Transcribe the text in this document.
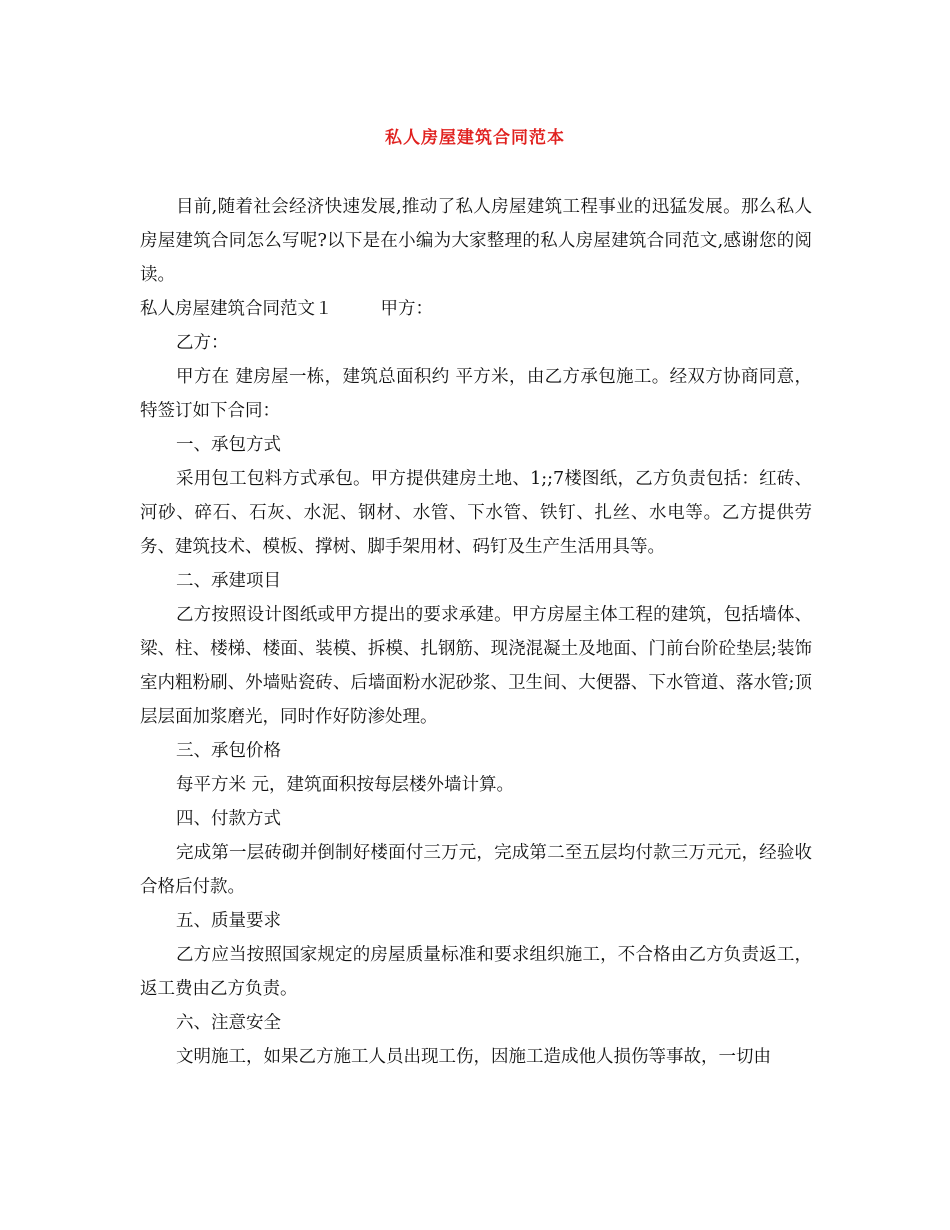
私人房屋建筑合同范本

目前,随着社会经济快速发展,推动了私人房屋建筑工程事业的迅猛发展。那么私人房屋建筑合同怎么写呢?以下是在小编为大家整理的私人房屋建筑合同范文,感谢您的阅读。

私人房屋建筑合同范文１	甲方：

乙方：

甲方在 建房屋一栋，建筑总面积约 平方米，由乙方承包施工。经双方协商同意，特签订如下合同：

一、承包方式

采用包工包料方式承包。甲方提供建房土地、1;;7楼图纸，乙方负责包括：红砖、河砂、碎石、石灰、水泥、钢材、水管、下水管、铁钉、扎丝、水电等。乙方提供劳务、建筑技术、模板、撑树、脚手架用材、码钉及生产生活用具等。

二、承建项目

乙方按照设计图纸或甲方提出的要求承建。甲方房屋主体工程的建筑，包括墙体、梁、柱、楼梯、楼面、装模、拆模、扎钢筋、现浇混凝土及地面、门前台阶砼垫层;装饰室内粗粉刷、外墙贴瓷砖、后墙面粉水泥砂浆、卫生间、大便器、下水管道、落水管;顶层层面加浆磨光，同时作好防渗处理。

三、承包价格

每平方米 元，建筑面积按每层楼外墙计算。

四、付款方式

完成第一层砖砌并倒制好楼面付三万元，完成第二至五层均付款三万元元，经验收合格后付款。

五、质量要求

乙方应当按照国家规定的房屋质量标准和要求组织施工，不合格由乙方负责返工，返工费由乙方负责。

六、注意安全

文明施工，如果乙方施工人员出现工伤，因施工造成他人损伤等事故，一切由
